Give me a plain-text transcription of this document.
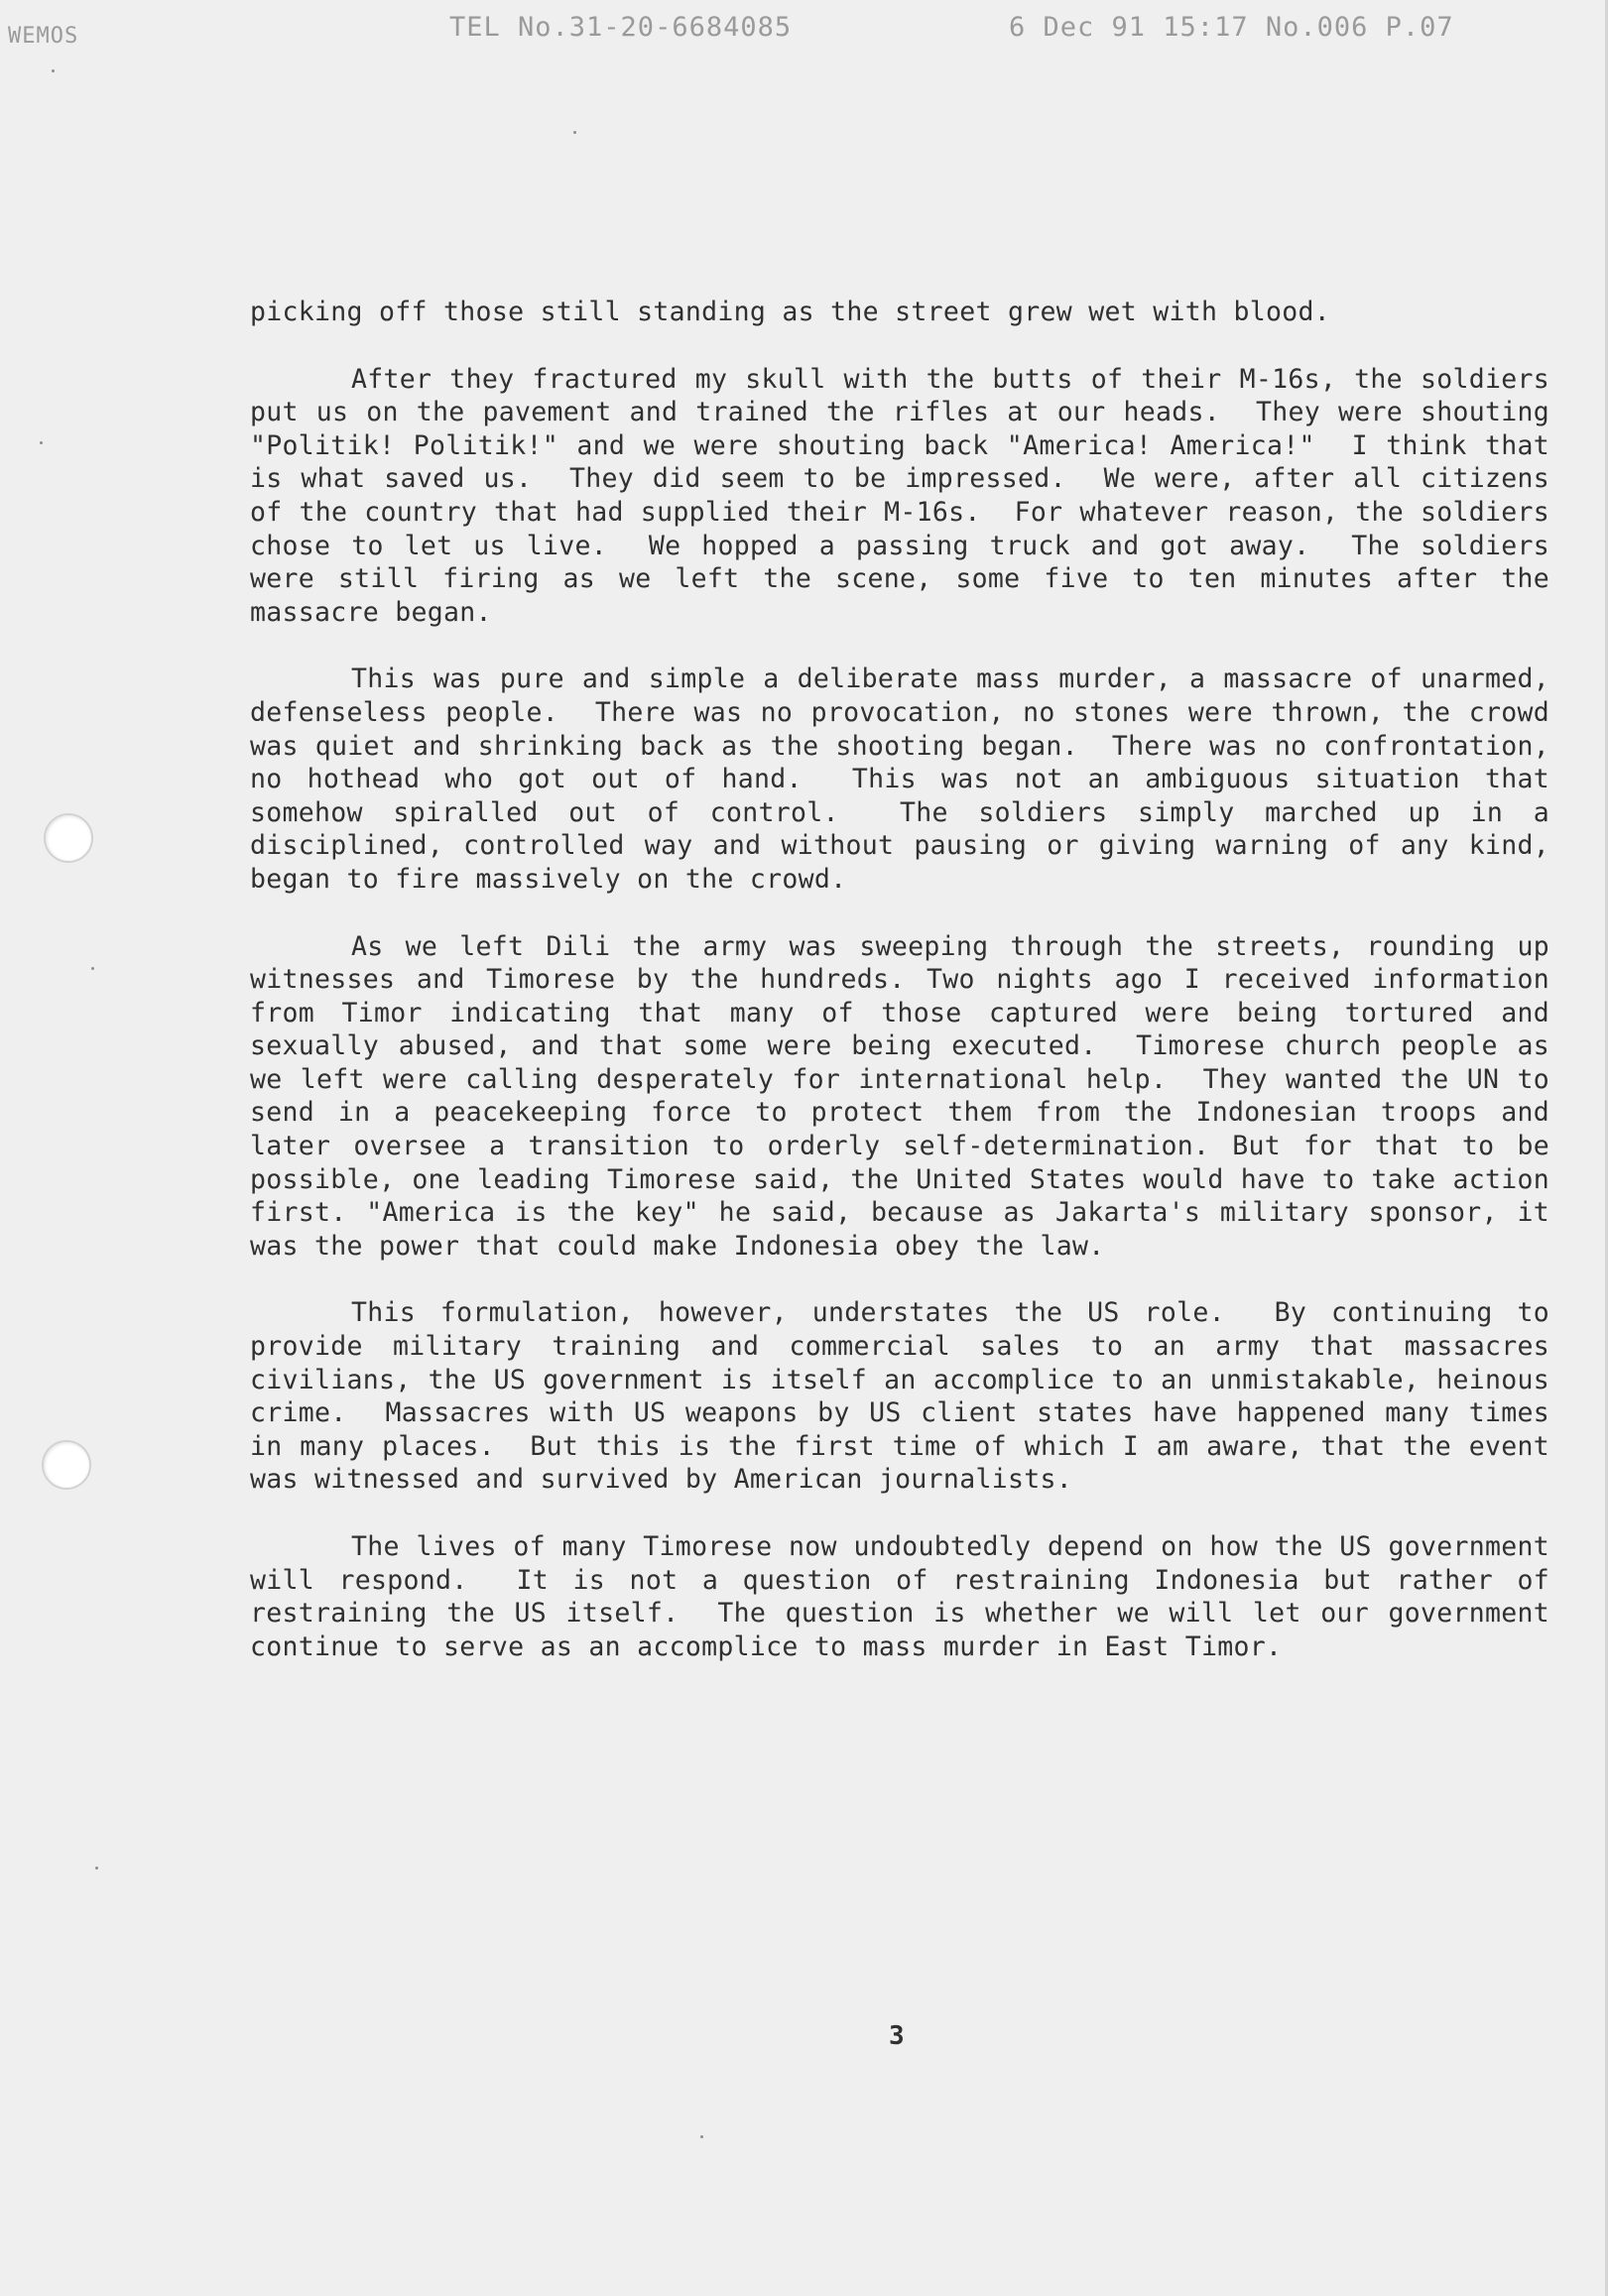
WEMOS	TEL No.31-20-6684085	6 Dec 91 15:17 No.006 P.07

picking off those still standing as the street grew wet with blood.

After they fractured my skull with the butts of their M-16s, the soldiers put us on the pavement and trained the rifles at our heads.  They were shouting "Politik! Politik!" and we were shouting back "America! America!"  I think that is what saved us.  They did seem to be impressed.  We were, after all citizens of the country that had supplied their M-16s.  For whatever reason, the soldiers chose to let us live.  We hopped a passing truck and got away.  The soldiers were still firing as we left the scene, some five to ten minutes after the massacre began.

This was pure and simple a deliberate mass murder, a massacre of unarmed, defenseless people.  There was no provocation, no stones were thrown, the crowd was quiet and shrinking back as the shooting began.  There was no confrontation, no hothead who got out of hand.  This was not an ambiguous situation that somehow spiralled out of control.  The soldiers simply marched up in a disciplined, controlled way and without pausing or giving warning of any kind, began to fire massively on the crowd.

As we left Dili the army was sweeping through the streets, rounding up witnesses and Timorese by the hundreds. Two nights ago I received information from Timor indicating that many of those captured were being tortured and sexually abused, and that some were being executed.  Timorese church people as we left were calling desperately for international help.  They wanted the UN to send in a peacekeeping force to protect them from the Indonesian troops and later oversee a transition to orderly self-determination. But for that to be possible, one leading Timorese said, the United States would have to take action first. "America is the key" he said, because as Jakarta's military sponsor, it was the power that could make Indonesia obey the law.

This formulation, however, understates the US role.  By continuing to provide military training and commercial sales to an army that massacres civilians, the US government is itself an accomplice to an unmistakable, heinous crime.  Massacres with US weapons by US client states have happened many times in many places.  But this is the first time of which I am aware, that the event was witnessed and survived by American journalists.

The lives of many Timorese now undoubtedly depend on how the US government will respond.  It is not a question of restraining Indonesia but rather of restraining the US itself.  The question is whether we will let our government continue to serve as an accomplice to mass murder in East Timor.

3
